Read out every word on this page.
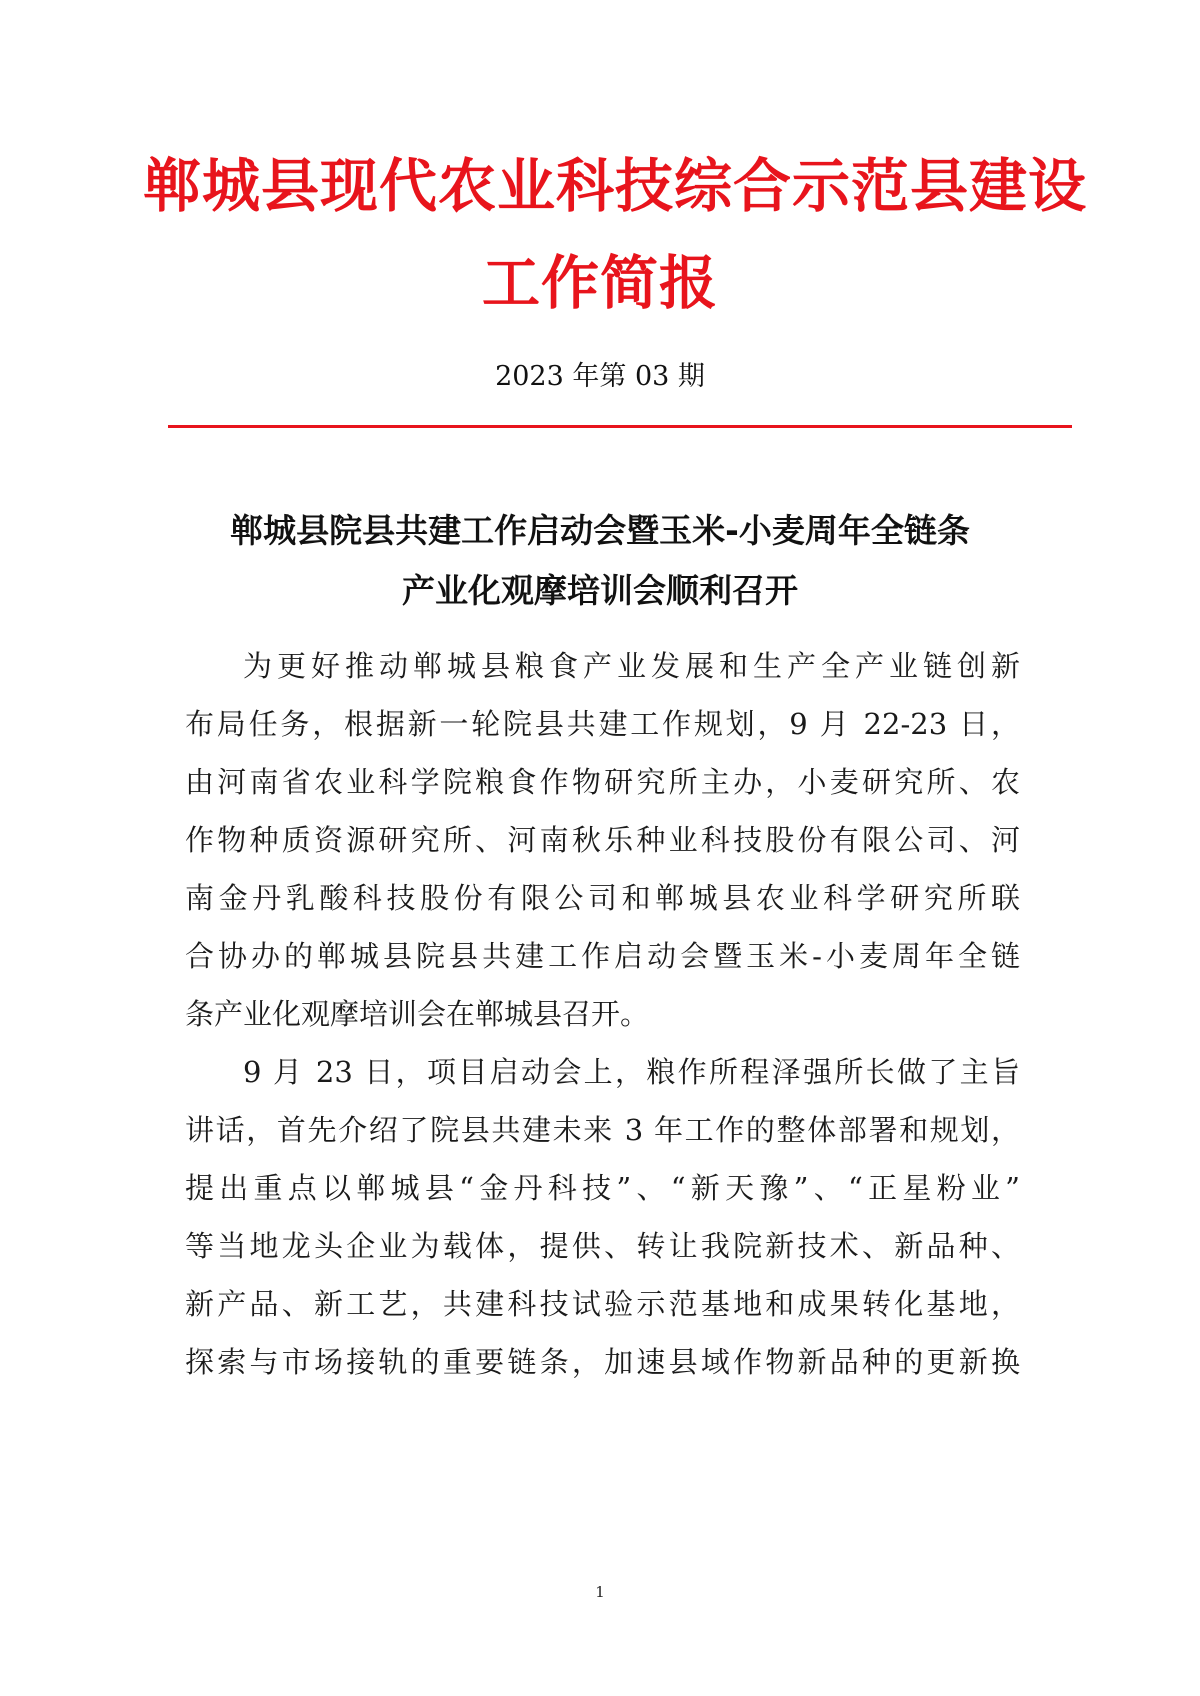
郸城县现代农业科技综合示范县建设
工作简报
2023 年第 03 期
郸城县院县共建工作启动会暨玉米-小麦周年全链条
产业化观摩培训会顺利召开
为更好推动郸城县粮食产业发展和生产全产业链创新
布局任务，根据新一轮院县共建工作规划，9 月 22-23 日，
由河南省农业科学院粮食作物研究所主办，小麦研究所、农
作物种质资源研究所、河南秋乐种业科技股份有限公司、河
南金丹乳酸科技股份有限公司和郸城县农业科学研究所联
合协办的郸城县院县共建工作启动会暨玉米-小麦周年全链
条产业化观摩培训会在郸城县召开。
9 月 23 日，项目启动会上，粮作所程泽强所长做了主旨
讲话，首先介绍了院县共建未来 3 年工作的整体部署和规划，
提出重点以郸城县“金丹科技”、“新天豫”、“正星粉业”
等当地龙头企业为载体，提供、转让我院新技术、新品种、
新产品、新工艺，共建科技试验示范基地和成果转化基地，
探索与市场接轨的重要链条，加速县域作物新品种的更新换
1
